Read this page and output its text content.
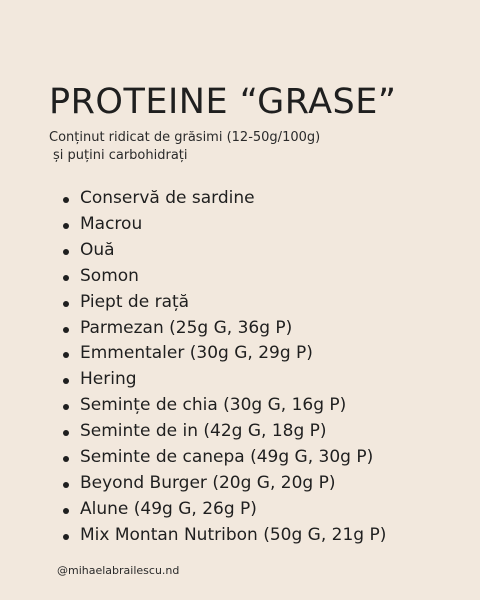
PROTEINE “GRASE”
Conținut ridicat de grăsimi (12-50g/100g)
și puțini carbohidrați
Conservă de sardine
Macrou
Ouă
Somon
Piept de rață
Parmezan (25g G, 36g P)
Emmentaler (30g G, 29g P)
Hering
Semințe de chia (30g G, 16g P)
Seminte de in (42g G, 18g P)
Seminte de canepa (49g G, 30g P)
Beyond Burger (20g G, 20g P)
Alune (49g G, 26g P)
Mix Montan Nutribon (50g G, 21g P)
@mihaelabrailescu.nd
